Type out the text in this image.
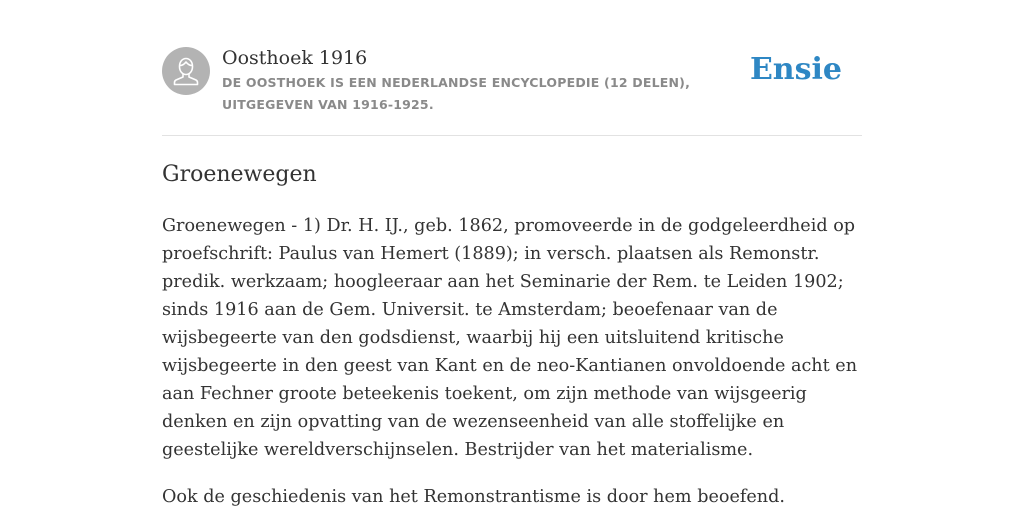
Oosthoek 1916
DE OOSTHOEK IS EEN NEDERLANDSE ENCYCLOPEDIE (12 DELEN), UITGEGEVEN VAN 1916-1925.
Ensie
Groenewegen

Groenewegen - 1) Dr. H. IJ., geb. 1862, promoveerde in de godgeleerdheid op proefschrift: Paulus van Hemert (1889); in versch. plaatsen als Remonstr. predik. werkzaam; hoogleeraar aan het Seminarie der Rem. te Leiden 1902; sinds 1916 aan de Gem. Universit. te Amsterdam; beoefenaar van de wijsbegeerte van den godsdienst, waarbij hij een uitsluitend kritische wijsbegeerte in den geest van Kant en de neo-Kantianen onvoldoende acht en aan Fechner groote beteekenis toekent, om zijn methode van wijsgeerig denken en zijn opvatting van de wezenseenheid van alle stoffelijke en geestelijke wereldverschijnselen. Bestrijder van het materialisme.

Ook de geschiedenis van het Remonstrantisme is door hem beoefend.
